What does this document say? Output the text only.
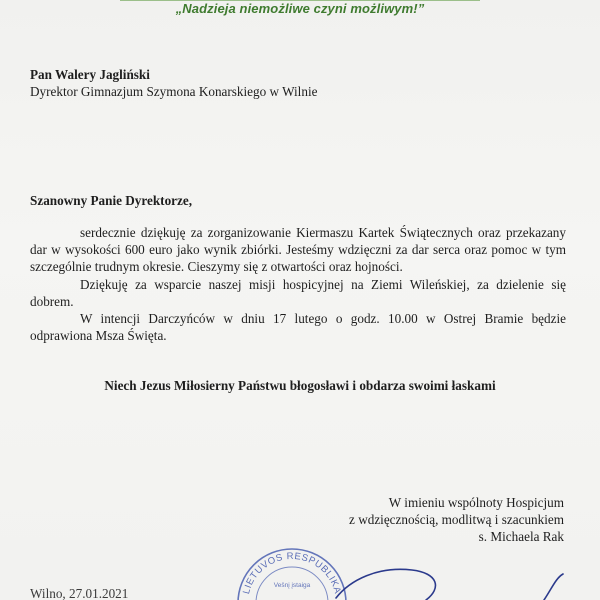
„Nadzieja niemożliwe czyni możliwym!”
Pan Walery Jagliński
Dyrektor Gimnazjum Szymona Konarskiego w Wilnie
Szanowny Panie Dyrektorze,

serdecznie dziękuję za zorganizowanie Kiermaszu Kartek Świątecznych oraz przekazany dar w wysokości 600 euro jako wynik zbiórki. Jesteśmy wdzięczni za dar serca oraz pomoc w tym szczególnie trudnym okresie. Cieszymy się z otwartości oraz hojności.

Dziękuję za wsparcie naszej misji hospicyjnej na Ziemi Wileńskiej, za dzielenie się dobrem.

W intencji Darczyńców w dniu 17 lutego o godz. 10.00 w Ostrej Bramie będzie odprawiona Msza Święta.

Niech Jezus Miłosierny Państwu błogosławi i obdarza swoimi łaskami
W imieniu wspólnoty Hospicjum
z wdzięcznością, modlitwą i szacunkiem
s. Michaela Rak
LIETUVOS RESPUBLIKA
Vešnį įstaiga
Wilno, 27.01.2021
